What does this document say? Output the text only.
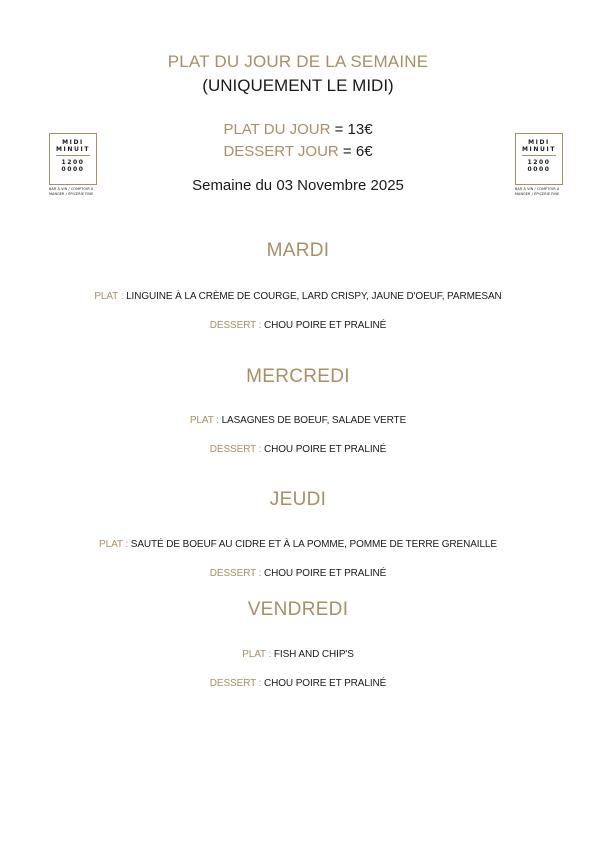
PLAT DU JOUR DE LA SEMAINE
(UNIQUEMENT LE MIDI)
PLAT DU JOUR = 13€
DESSERT JOUR = 6€
Semaine du 03 Novembre 2025
MIDI
MINUIT
1200
0000
BAR À VIN / COMPTOIR À
MANGER / ÉPICERIE FINE
MIDI
MINUIT
1200
0000
BAR À VIN / COMPTOIR À
MANGER / ÉPICERIE FINE
MARDI
PLAT : LINGUINE À LA CRÈME DE COURGE, LARD CRISPY, JAUNE D'OEUF, PARMESAN
DESSERT : CHOU POIRE ET PRALINÉ
MERCREDI
PLAT : LASAGNES DE BOEUF, SALADE VERTE
DESSERT : CHOU POIRE ET PRALINÉ
JEUDI
PLAT : SAUTÉ DE BOEUF AU CIDRE ET À LA POMME, POMME DE TERRE GRENAILLE
DESSERT : CHOU POIRE ET PRALINÉ
VENDREDI
PLAT : FISH AND CHIP'S
DESSERT : CHOU POIRE ET PRALINÉ
